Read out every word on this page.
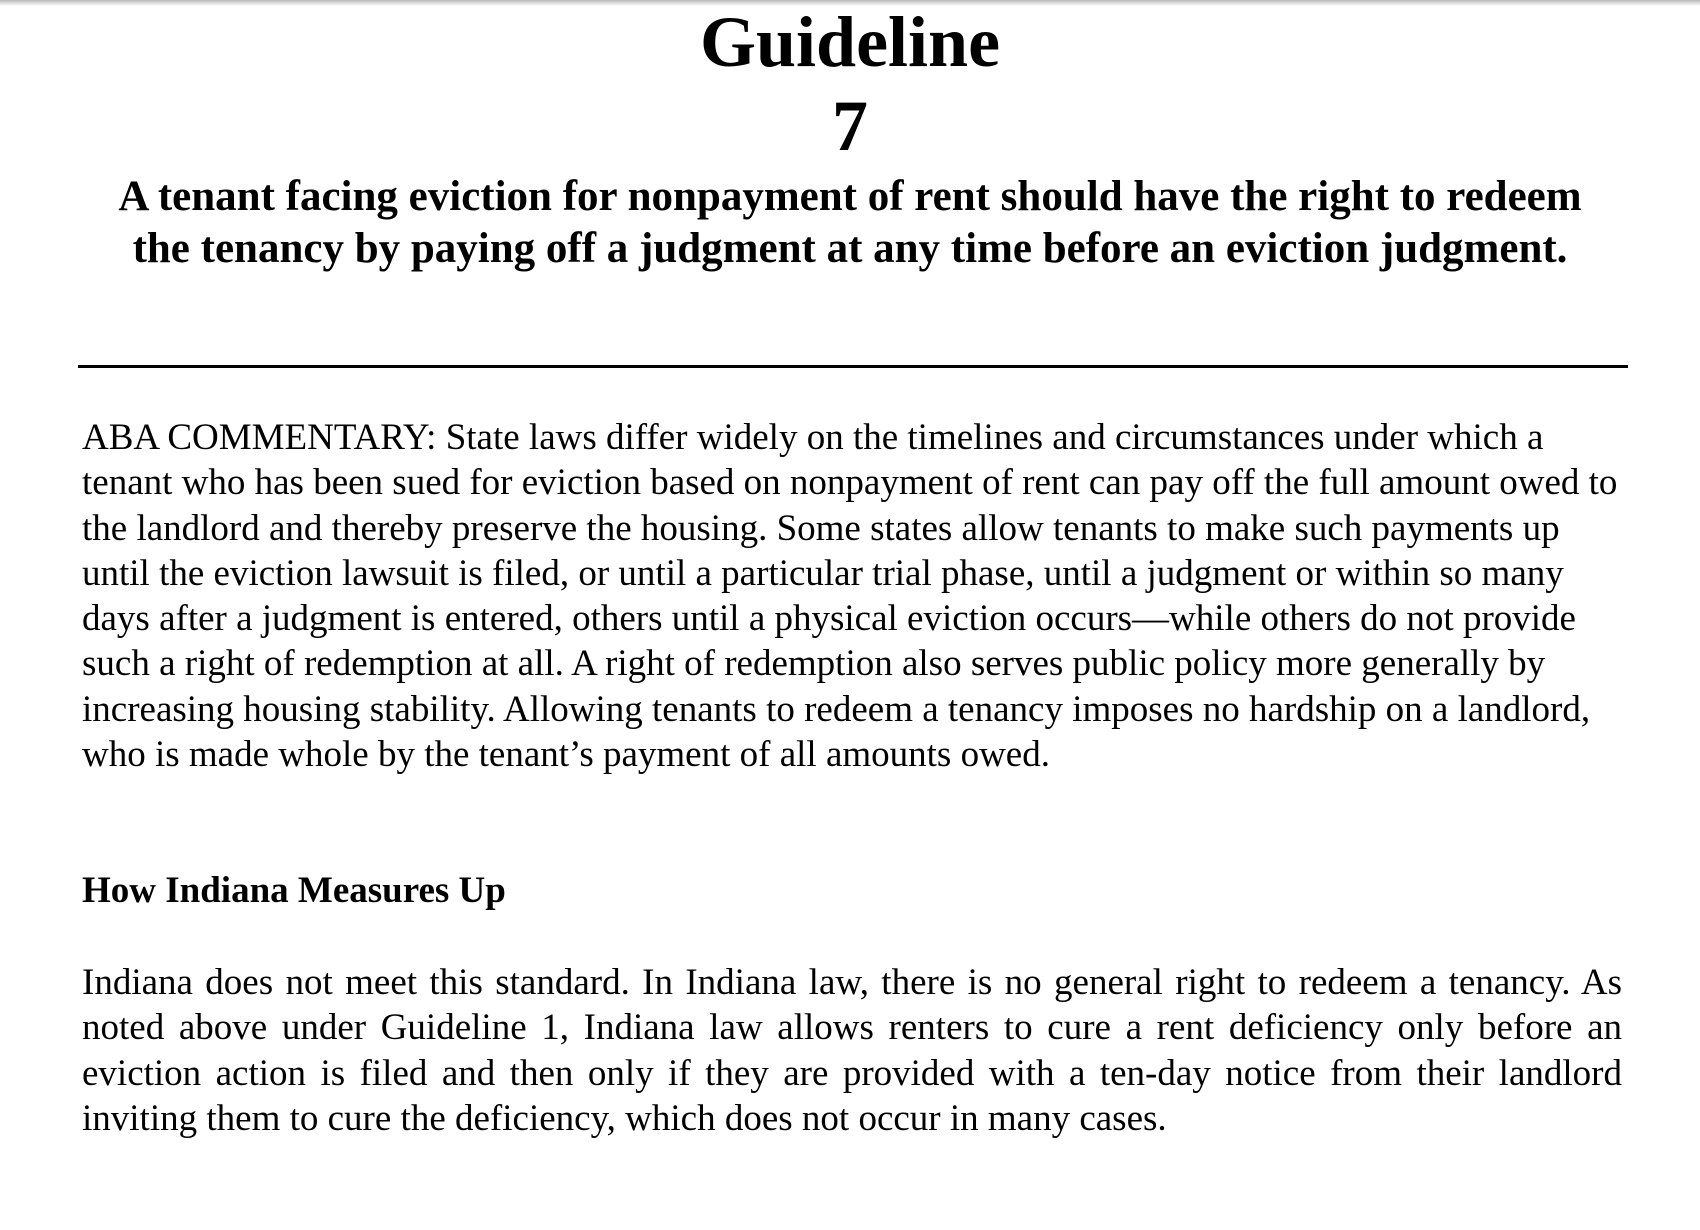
Guideline
7
A tenant facing eviction for nonpayment of rent should have the right to redeem the tenancy by paying off a judgment at any time before an eviction judgment.

ABA COMMENTARY: State laws differ widely on the timelines and circumstances under which a tenant who has been sued for eviction based on nonpayment of rent can pay off the full amount owed to the landlord and thereby preserve the housing. Some states allow tenants to make such payments up until the eviction lawsuit is filed, or until a particular trial phase, until a judgment or within so many days after a judgment is entered, others until a physical eviction occurs—while others do not provide such a right of redemption at all. A right of redemption also serves public policy more generally by increasing housing stability. Allowing tenants to redeem a tenancy imposes no hardship on a landlord, who is made whole by the tenant’s payment of all amounts owed.

How Indiana Measures Up

Indiana does not meet this standard. In Indiana law, there is no general right to redeem a tenancy. As noted above under Guideline 1, Indiana law allows renters to cure a rent deficiency only before an eviction action is filed and then only if they are provided with a ten-day notice from their landlord inviting them to cure the deficiency, which does not occur in many cases.
